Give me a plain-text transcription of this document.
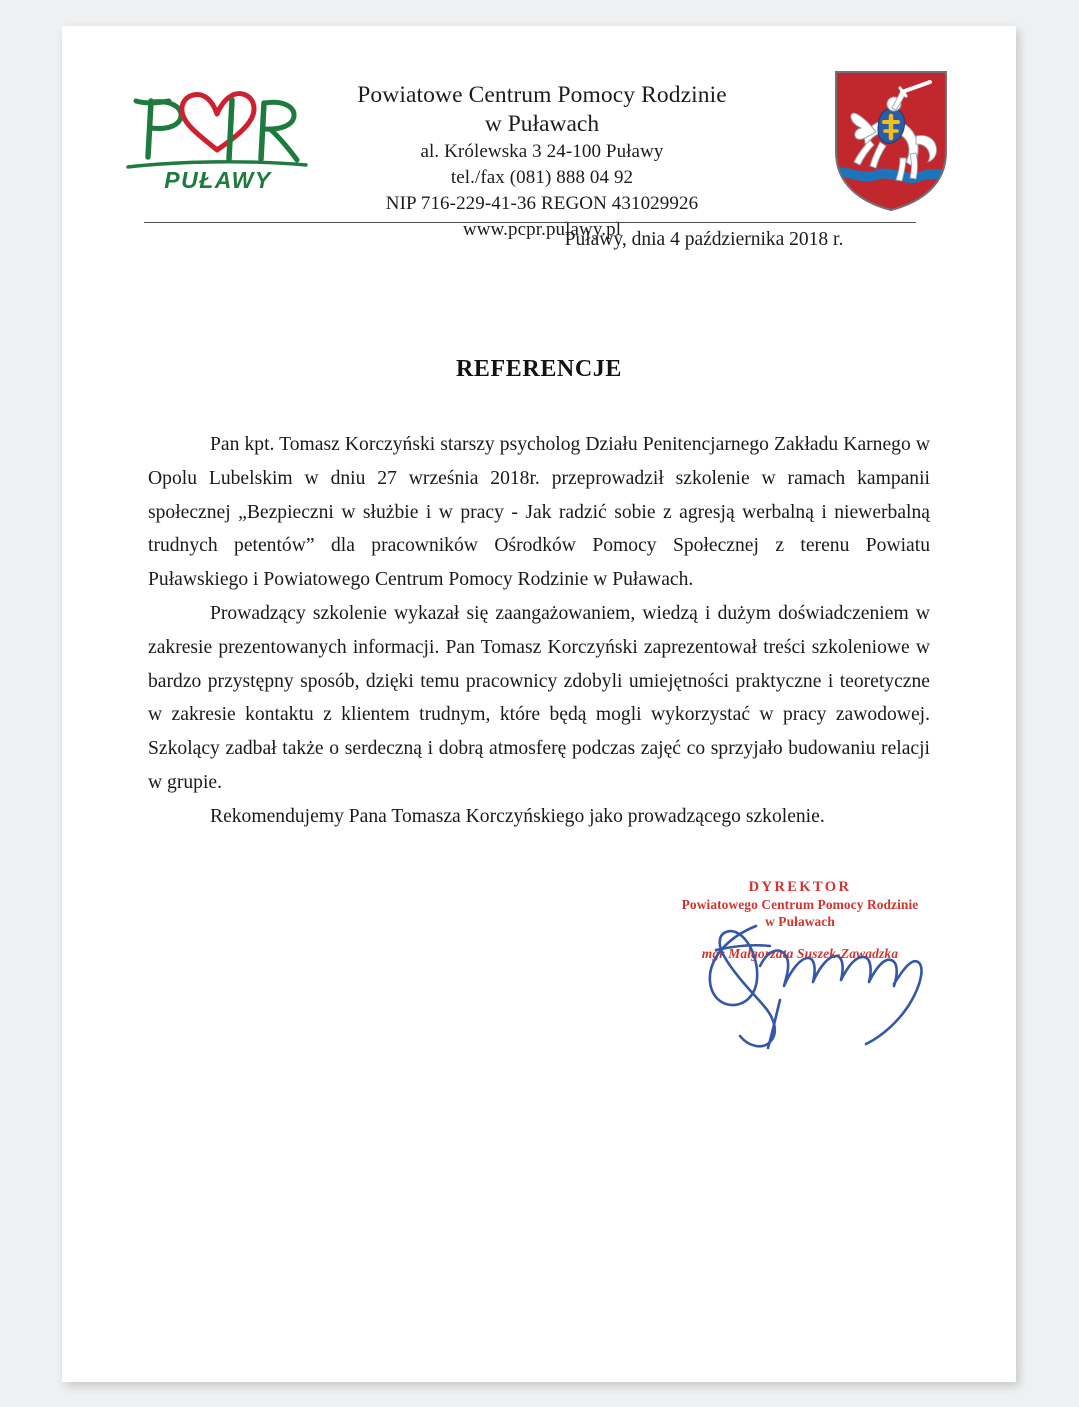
PUŁAWY
Powiatowe Centrum Pomocy Rodzinie
w Puławach
al. Królewska 3 24-100 Puławy
tel./fax (081) 888 04 92
NIP 716-229-41-36 REGON 431029926
www.pcpr.pulawy.pl
Puławy, dnia 4 października 2018 r.
REFERENCJE

Pan kpt. Tomasz Korczyński starszy psycholog Działu Penitencjarnego Zakładu Karnego w Opolu Lubelskim w dniu 27 września 2018r. przeprowadził szkolenie w ramach kampanii społecznej „Bezpieczni w służbie i w pracy - Jak radzić sobie z agresją werbalną i niewerbalną trudnych petentów” dla pracowników Ośrodków Pomocy Społecznej z terenu Powiatu Puławskiego i Powiatowego Centrum Pomocy Rodzinie w Puławach.

Prowadzący szkolenie wykazał się zaangażowaniem, wiedzą i dużym doświadczeniem w zakresie prezentowanych informacji. Pan Tomasz Korczyński zaprezentował treści szkoleniowe w bardzo przystępny sposób, dzięki temu pracownicy zdobyli umiejętności praktyczne i teoretyczne w zakresie kontaktu z klientem trudnym, które będą mogli wykorzystać w pracy zawodowej. Szkolący zadbał także o serdeczną i dobrą atmosferę podczas zajęć co sprzyjało budowaniu relacji w grupie.

Rekomendujemy Pana Tomasza Korczyńskiego jako prowadzącego szkolenie.

DYREKTOR
Powiatowego Centrum Pomocy Rodzinie
w Puławach
mgr Małgorzata Suszek-Zawadzka
